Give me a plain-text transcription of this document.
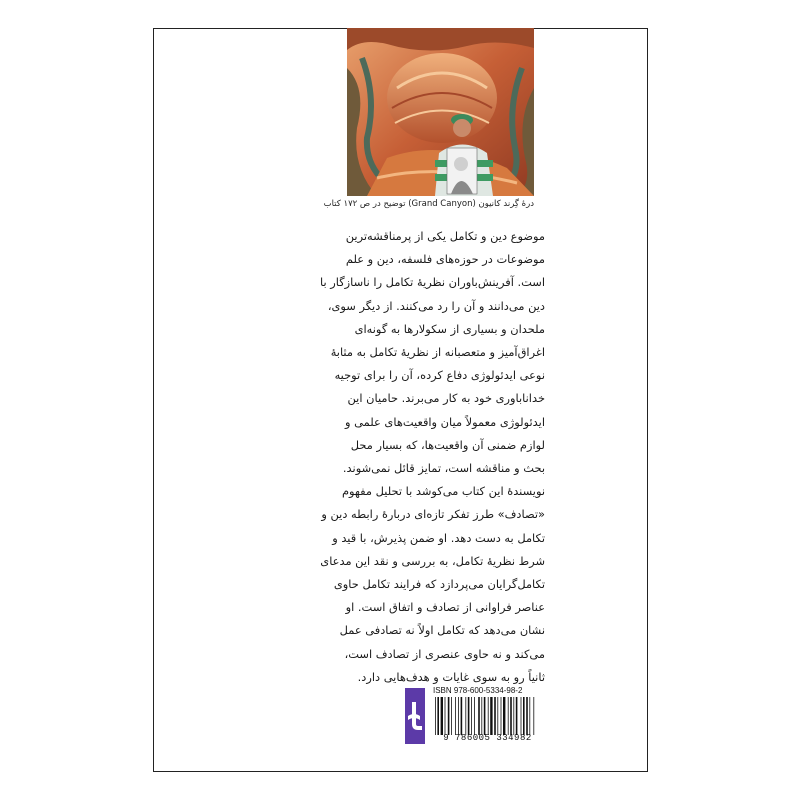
درهٔ گِرند کانیون (Grand Canyon) توضیح در ص ۱۷۲ کتاب

موضوع دین و تکامل یکی از پرمناقشه‌ترین

موضوعات در حوزه‌های فلسفه، دین و علم

است. آفرینش‌باوران نظریهٔ تکامل را ناسازگار با

دین می‌دانند و آن را رد می‌کنند. از دیگر سوی،

ملحدان و بسیاری از سکولارها به گونه‌ای

اغراق‌آمیز و متعصبانه از نظریهٔ تکامل به مثابهٔ

نوعی ایدئولوژی دفاع کرده، آن را برای توجیه

خداناباوری خود به کار می‌برند. حامیان این

ایدئولوژی معمولاً میان واقعیت‌های علمی و

لوازم ضمنی آن واقعیت‌ها، که بسیار محل

بحث و مناقشه است، تمایز قائل نمی‌شوند.

نویسندهٔ این کتاب می‌کوشد با تحلیل مفهوم

«تصادف» طرز تفکر تازه‌ای دربارهٔ رابطه دین و

تکامل به دست دهد. او ضمن پذیرش، با قید و

شرط نظریهٔ تکامل، به بررسی و نقد این مدعای

تکامل‌گرایان می‌پردازد که فرایند تکامل حاوی

عناصر فراوانی از تصادف و اتفاق است. او

نشان می‌دهد که تکامل اولاً نه تصادفی عمل

می‌کند و نه حاوی عنصری از تصادف است،

ثانیاً رو به سوی غایات و هدف‌هایی دارد.

ISBN 978-600-5334-98-2
9 786005 334982
